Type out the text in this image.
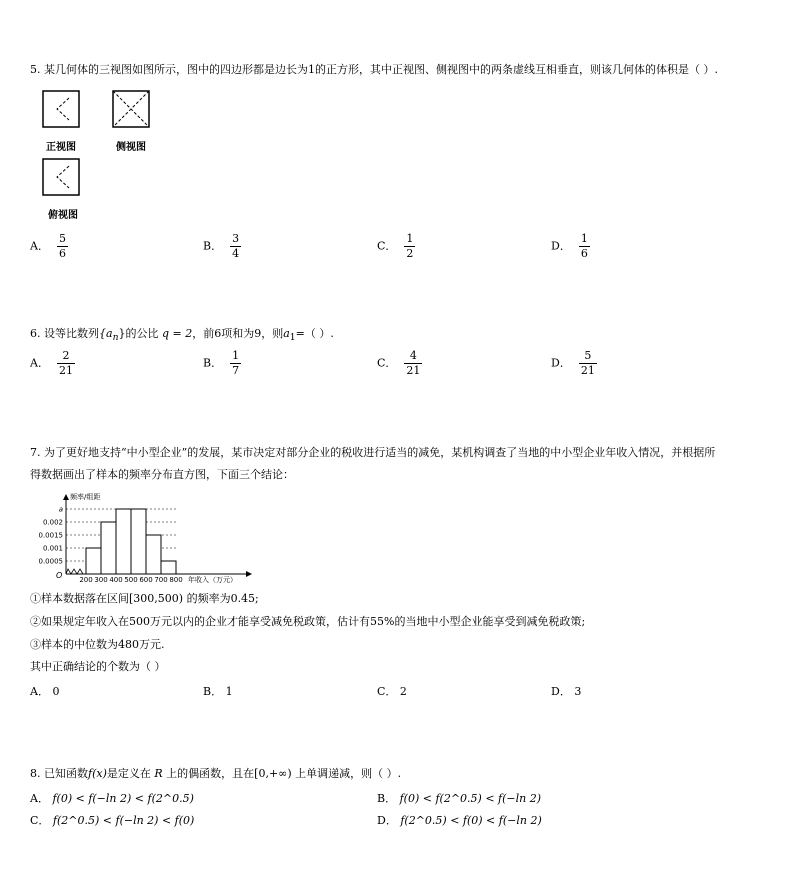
5. 某几何体的三视图如图所示，图中的四边形都是边长为1的正方形，其中正视图、侧视图中的两条虚线互相垂直，则该几何体的体积是（ ）.
正视图	侧视图
俯视图
A． $\frac{5}{6}$	B． $\frac{3}{4}$	C． $\frac{1}{2}$	D． $\frac{1}{6}$
6. 设等比数列$\{a_n\}$的公比 q = 2，前6项和为9，则$a_1=$（ ）.
A． $\frac{2}{21}$	B． $\frac{1}{7}$	C． $\frac{4}{21}$	D． $\frac{5}{21}$
7. 为了更好地支持“中小型企业”的发展，某市决定对部分企业的税收进行适当的减免，某机构调查了当地的中小型企业年收入情况，并根据所
得数据画出了样本的频率分布直方图，下面三个结论：
频率/组距
年收入（万元）
O
0.0005
0.001
0.0015
0.002
a
200 300 400 500 600 700 800
①样本数据落在区间[300,500) 的频率为0.45;
②如果规定年收入在500万元以内的企业才能享受减免税政策，估计有55%的当地中小型企业能享受到减免税政策;
③样本的中位数为480万元.
其中正确结论的个数为（ ）
A． 0	B． 1	C． 2	D． 3
8. 已知函数f(x)是定义在 R 上的偶函数，且在[0,+∞) 上单调递减，则（ ）.
A． f(0) < f(−ln 2) < f(2^0.5)	B． f(0) < f(2^0.5) < f(−ln 2)
C． f(2^0.5) < f(−ln 2) < f(0)	D． f(2^0.5) < f(0) < f(−ln 2)
